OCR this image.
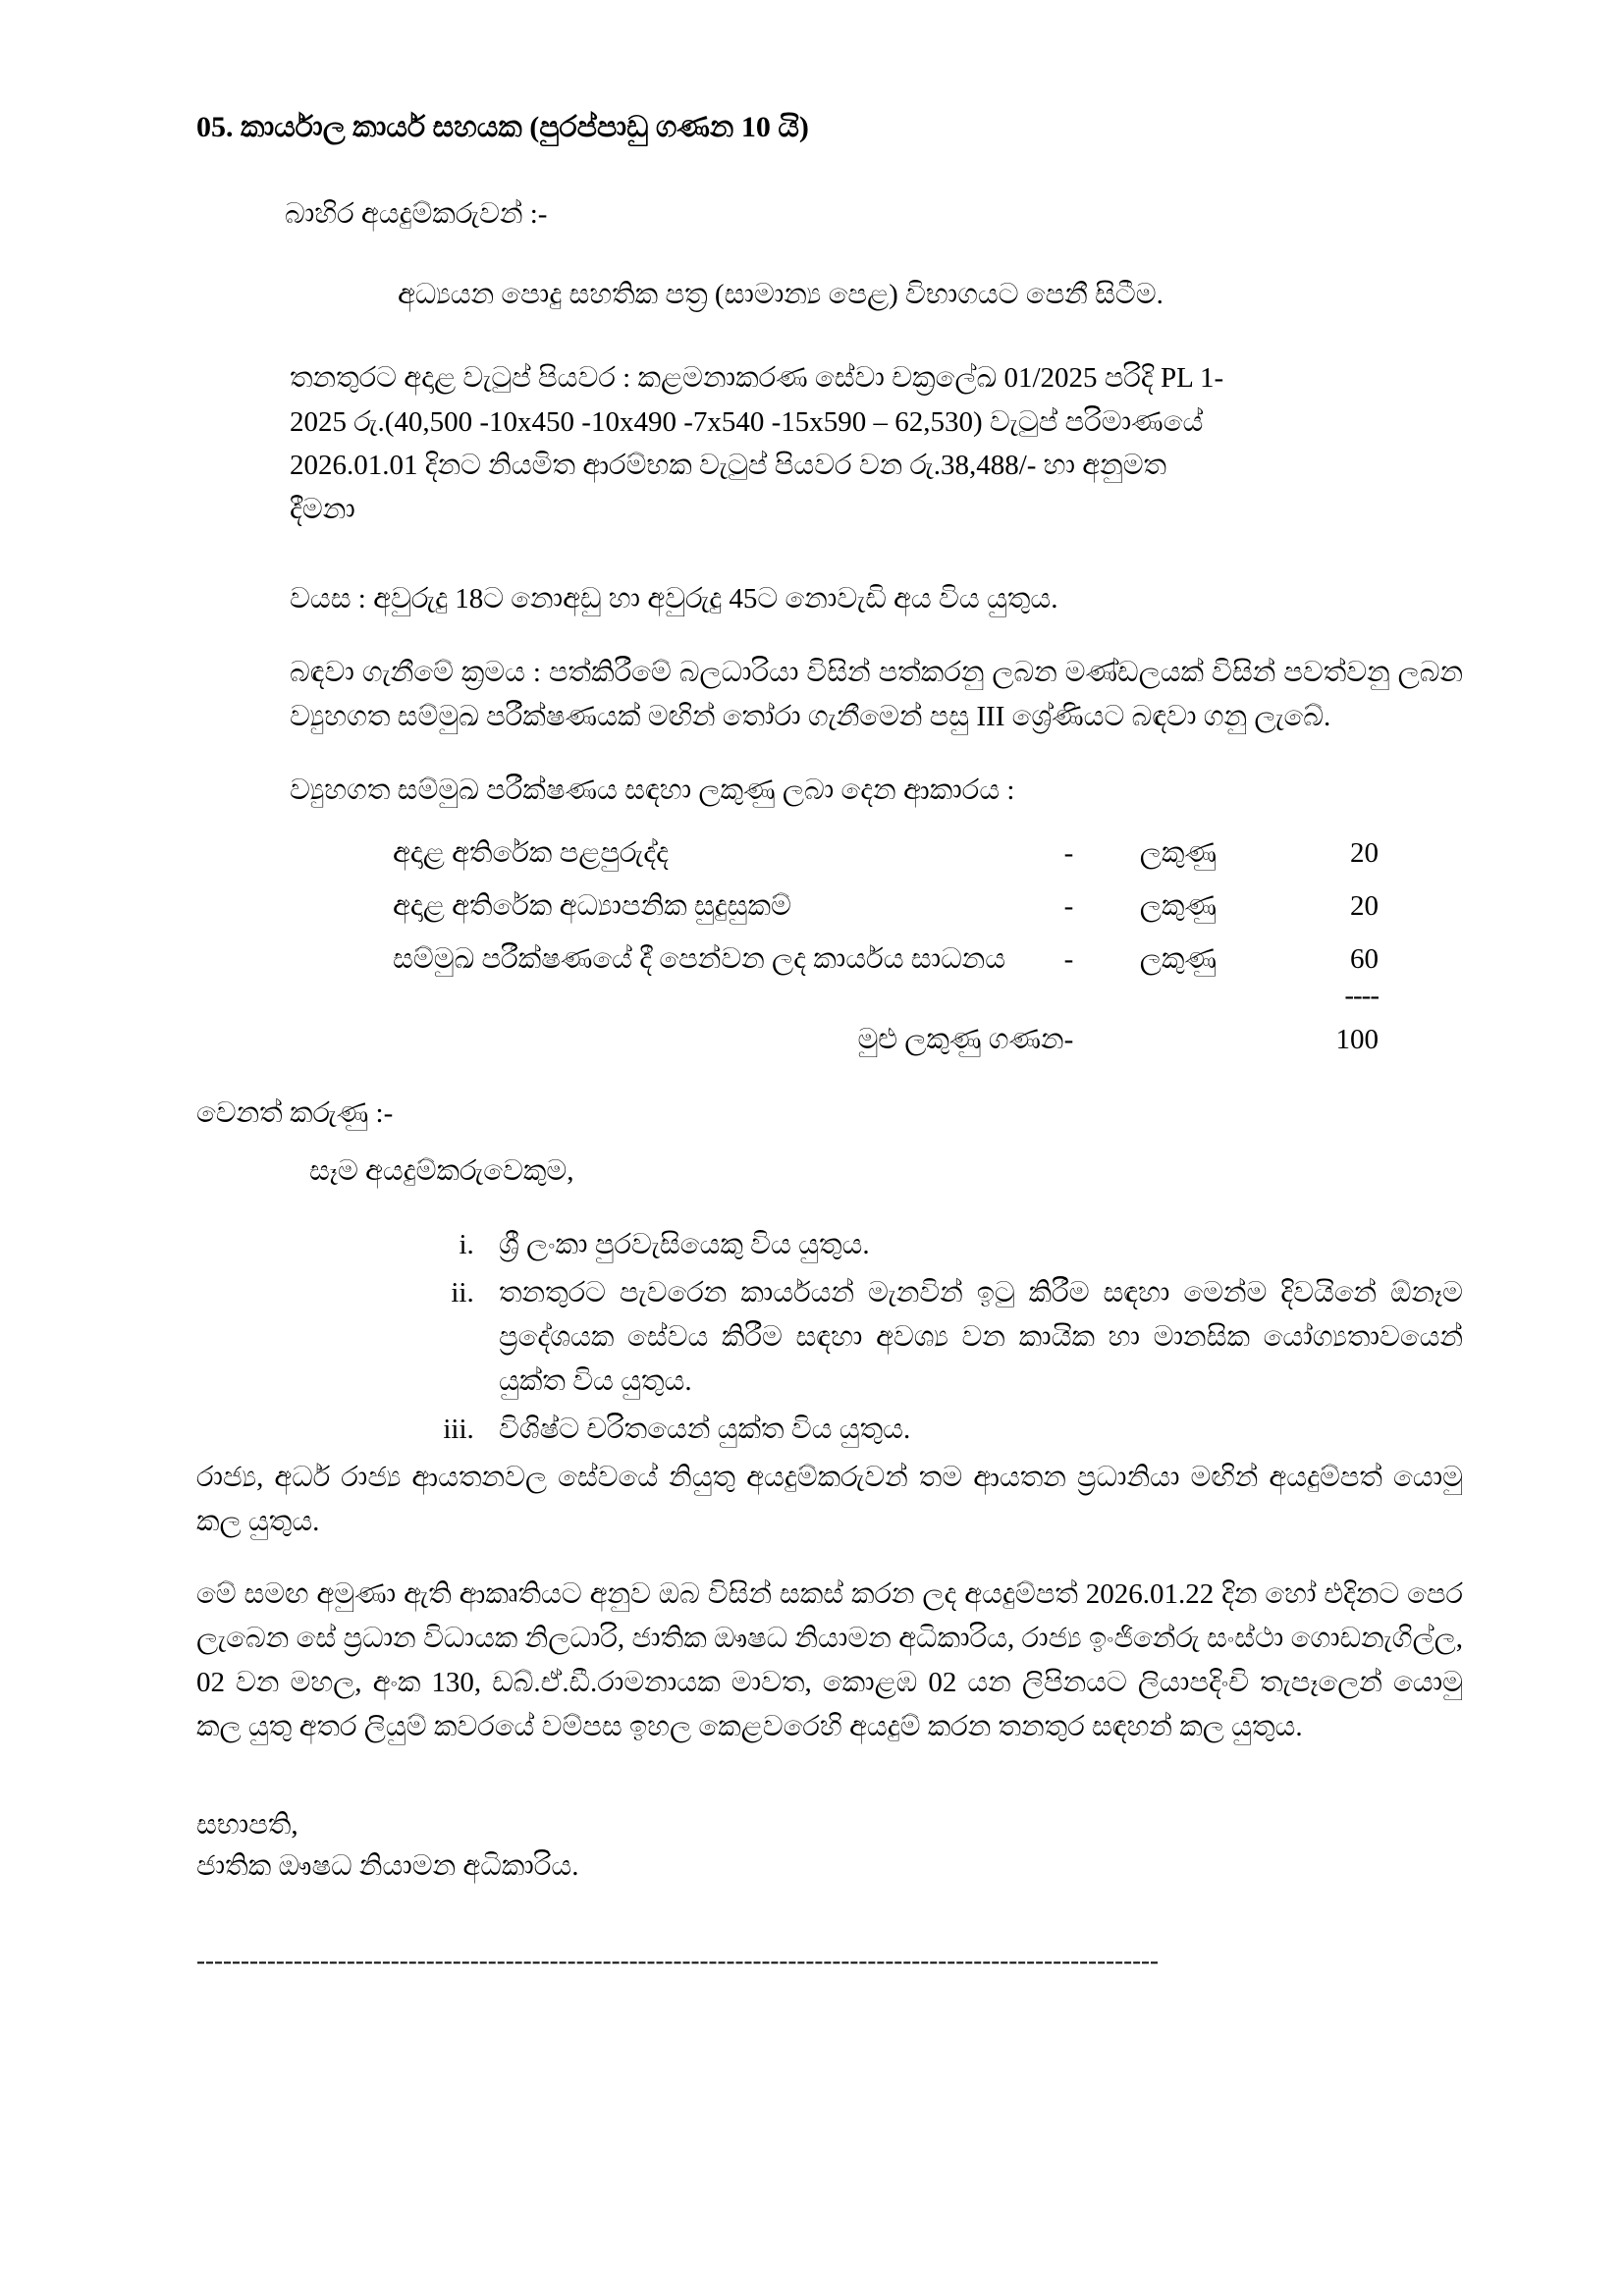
05. කාර්යාල කාර්ය සහයක (පුරප්පාඩු ගණන 10 යි)
බාහිර අයදුම්කරුවන් :-

අධ්‍යයන පොදු සහතික පත්‍ර (සාමාන්‍ය පෙළ) විභාගයට පෙනී සිටීම.

තනතුරට අදාළ වැටුප් පියවර : කළමනාකරණ සේවා චක්‍රලේඛ 01/2025 පරිදි PL 1-
2025 රු.(40,500 -10x450 -10x490 -7x540 -15x590 – 62,530) වැටුප් පරිමාණයේ
2026.01.01 දිනට නියමිත ආරම්භක වැටුප් පියවර වන රු.38,488/- හා අනුමත
දීමනා

වයස : අවුරුදු 18ට නොඅඩු හා අවුරුදු 45ට නොවැඩි අය විය යුතුය.

බඳවා ගැනීමේ ක්‍රමය : පත්කිරීමේ බලධාරියා විසින් පත්කරනු ලබන මණ්ඩලයක් විසින් පවත්වනු ලබන ව්‍යුහගත සම්මුඛ පරීක්ෂණයක් මඟින් තෝරා ගැනීමෙන් පසු III ශ්‍රේණියට බඳවා ගනු ලැබේ.

ව්‍යුහගත සම්මුඛ පරීක්ෂණය සඳහා ලකුණු ලබා දෙන ආකාරය :

අදාළ අතිරේක පළපුරුද්ද	-	ලකුණු	20
අදාළ අතිරේක අධ්‍යාපනික සුදුසුකම්	-	ලකුණු	20
සම්මුඛ පරීක්ෂණයේ දී පෙන්වන ලද කාර්යය සාධනය	-	ලකුණු	60
			----
මුළු ලකුණු ගණන	-		100

වෙනත් කරුණු :-

සෑම අයදුම්කරුවෙකුම,

i. ශ්‍රී ලංකා පුරවැසියෙකු විය යුතුය.
ii. තනතුරට පැවරෙන කාර්යයන් මැනවින් ඉටු කිරීම සඳහා මෙන්ම දිවයිනේ ඕනෑම ප්‍රදේශයක සේවය කිරීම සඳහා අවශ්‍ය වන කායික හා මානසික යෝග්‍යතාවයෙන් යුක්ත විය යුතුය.
iii. විශිෂ්ට චරිතයෙන් යුක්ත විය යුතුය.

රාජ්‍ය, අර්ධ රාජ්‍ය ආයතනවල සේවයේ නියුතු අයදුම්කරුවන් තම ආයතන ප්‍රධානියා මඟින් අයදුම්පත් යොමු කල යුතුය.

මේ සමඟ අමුණා ඇති ආකෘතියට අනුව ඔබ විසින් සකස් කරන ලද අයදුම්පත් 2026.01.22 දින හෝ එදිනට පෙර ලැබෙන සේ ප්‍රධාන විධායක නිලධාරි, ජාතික ඖෂධ නියාමන අධිකාරිය, රාජ්‍ය ඉංජිනේරු සංස්ථා ගොඩනැගිල්ල, 02 වන මහල, අංක 130, ඩබ්.ඒ.ඩී.රාමනායක මාවත, කොළඹ 02 යන ලිපිනයට ලියාපදිංචි තැපෑලෙන් යොමු කල යුතු අතර ලියුම් කවරයේ වම්පස ඉහල කෙළවරෙහි අයදුම් කරන තනතුර සඳහන් කල යුතුය.

සභාපති,
ජාතික ඖෂධ නියාමන අධිකාරිය.
-------------------------------------------------------------------------------------------------------------
